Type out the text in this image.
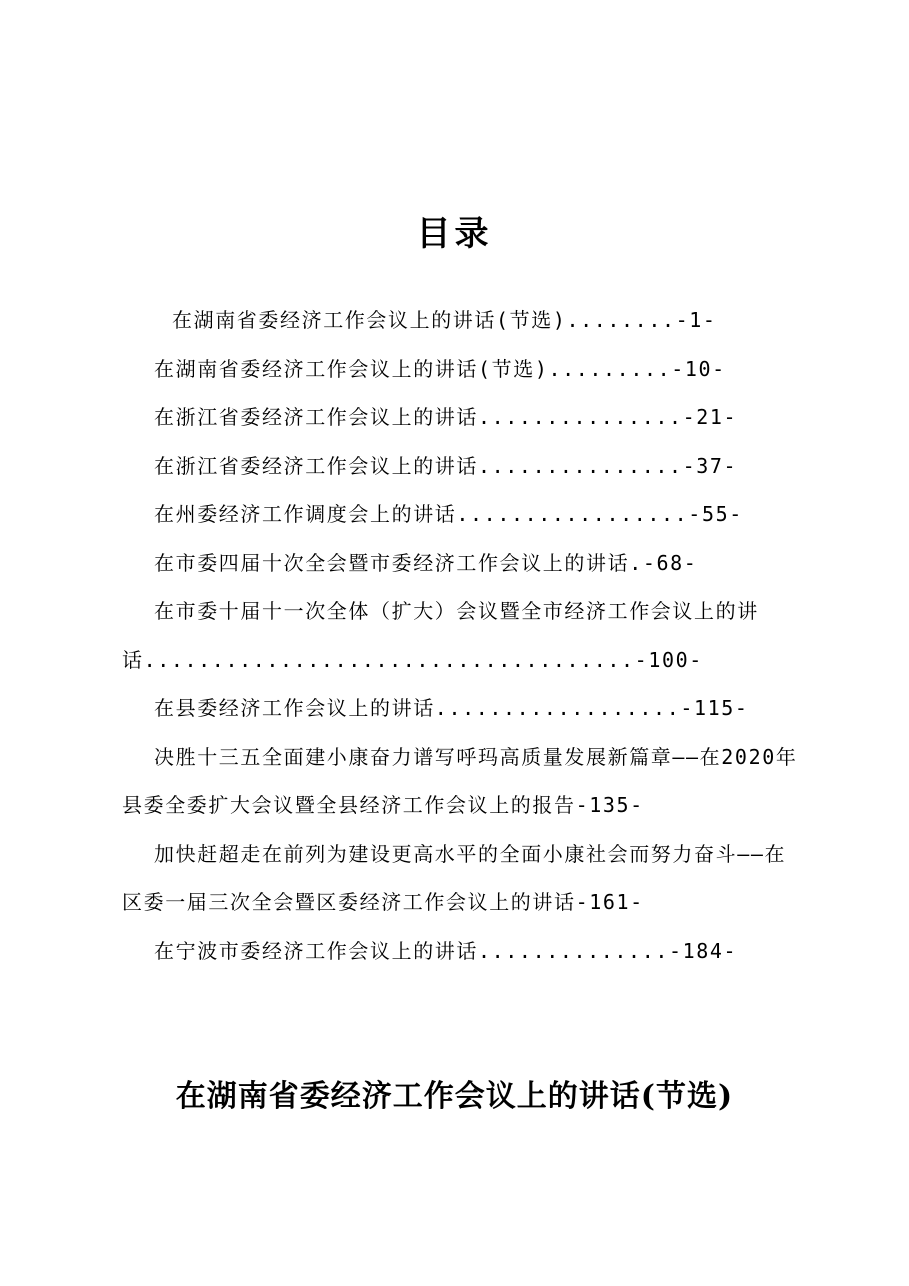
目录
在湖南省委经济工作会议上的讲话(节选)........-1-
在湖南省委经济工作会议上的讲话(节选).........-10-
在浙江省委经济工作会议上的讲话...............-21-
在浙江省委经济工作会议上的讲话...............-37-
在州委经济工作调度会上的讲话.................-55-
在市委四届十次全会暨市委经济工作会议上的讲话.-68-
在市委十届十一次全体（扩大）会议暨全市经济工作会议上的讲话....................................-100-
在县委经济工作会议上的讲话..................-115-
决胜十三五全面建小康奋力谱写呼玛高质量发展新篇章——在2020年县委全委扩大会议暨全县经济工作会议上的报告-135-
加快赶超走在前列为建设更高水平的全面小康社会而努力奋斗——在区委一届三次全会暨区委经济工作会议上的讲话-161-
在宁波市委经济工作会议上的讲话..............-184-
在湖南省委经济工作会议上的讲话(节选)
